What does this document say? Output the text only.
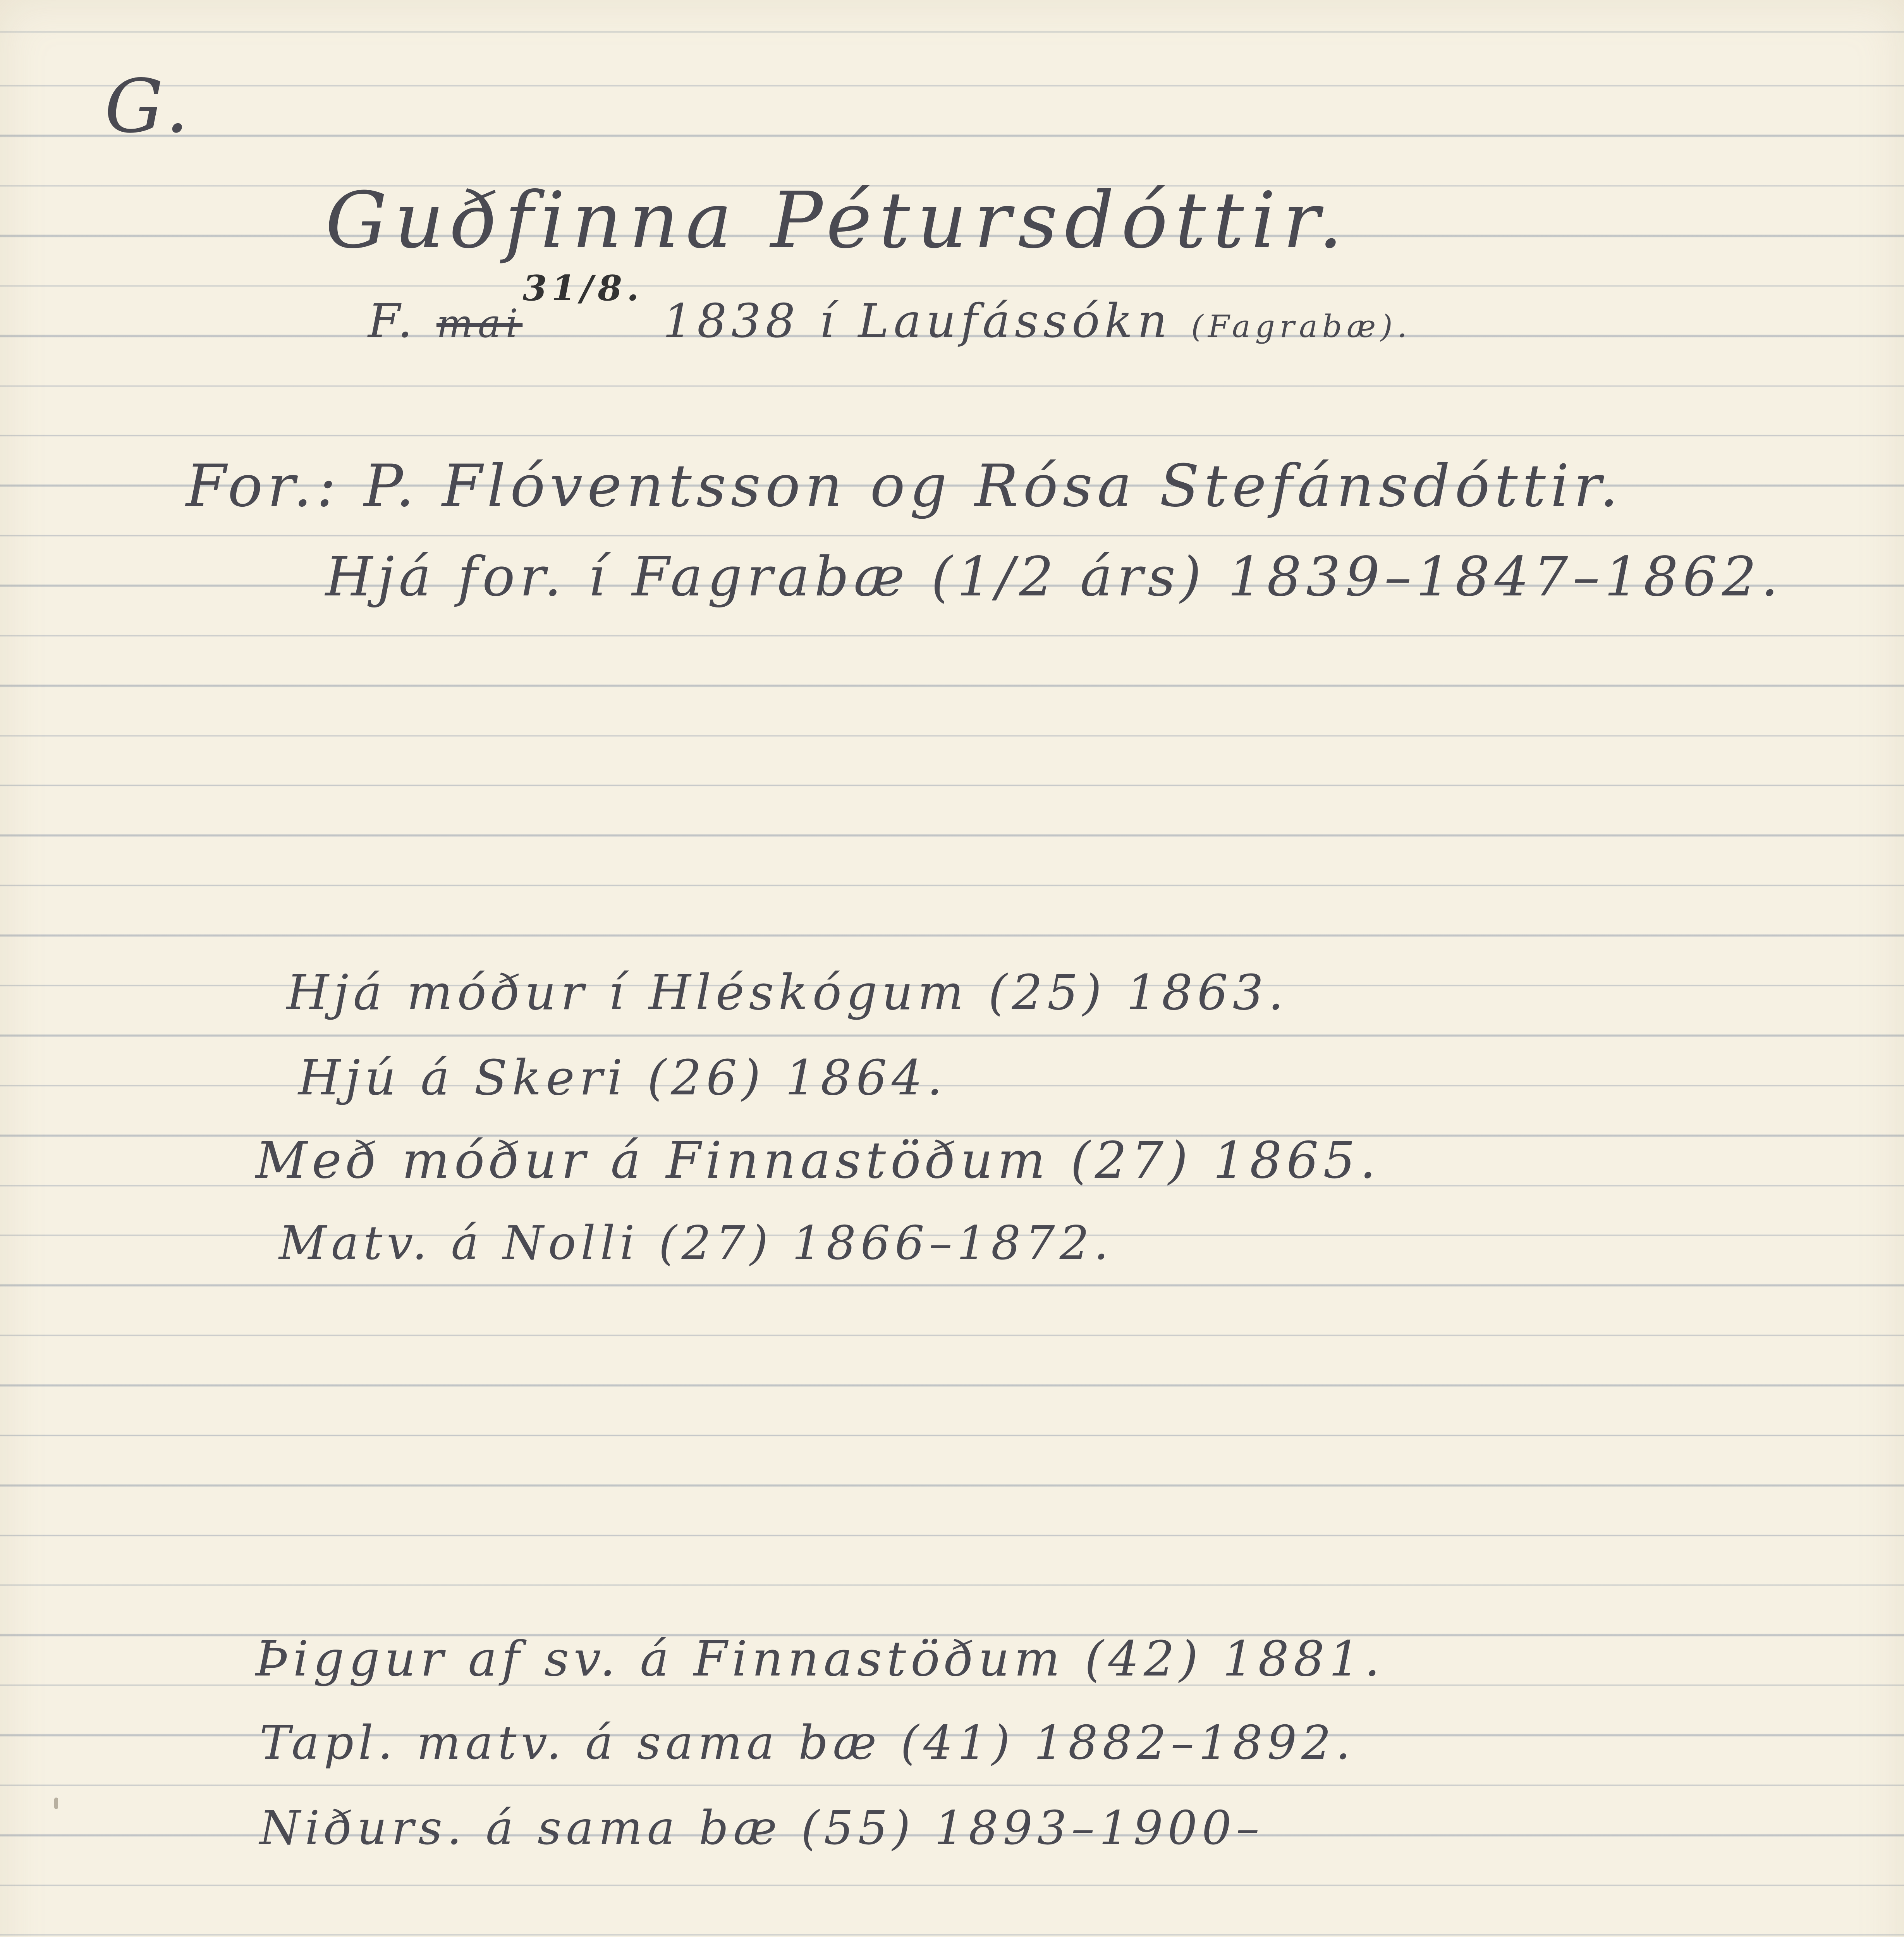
G.
Guðfinna Pétursdóttir.
F. mai$^{31/8.}$ 1838 í Laufássókn (Fagrabæ).
For.: P. Flóventsson og Rósa Stefánsdóttir.
Hjá for. í Fagrabæ (1/2 árs) 1839–1847–1862.
Hjá móður í Hléskógum (25) 1863.
Hjú á Skeri (26) 1864.
Með móður á Finnastöðum (27) 1865.
Matv. á Nolli (27) 1866–1872.
Þiggur af sv. á Finnastöðum (42) 1881.
Tapl. matv. á sama bæ (41) 1882–1892.
Niðurs. á sama bæ (55) 1893–1900–
